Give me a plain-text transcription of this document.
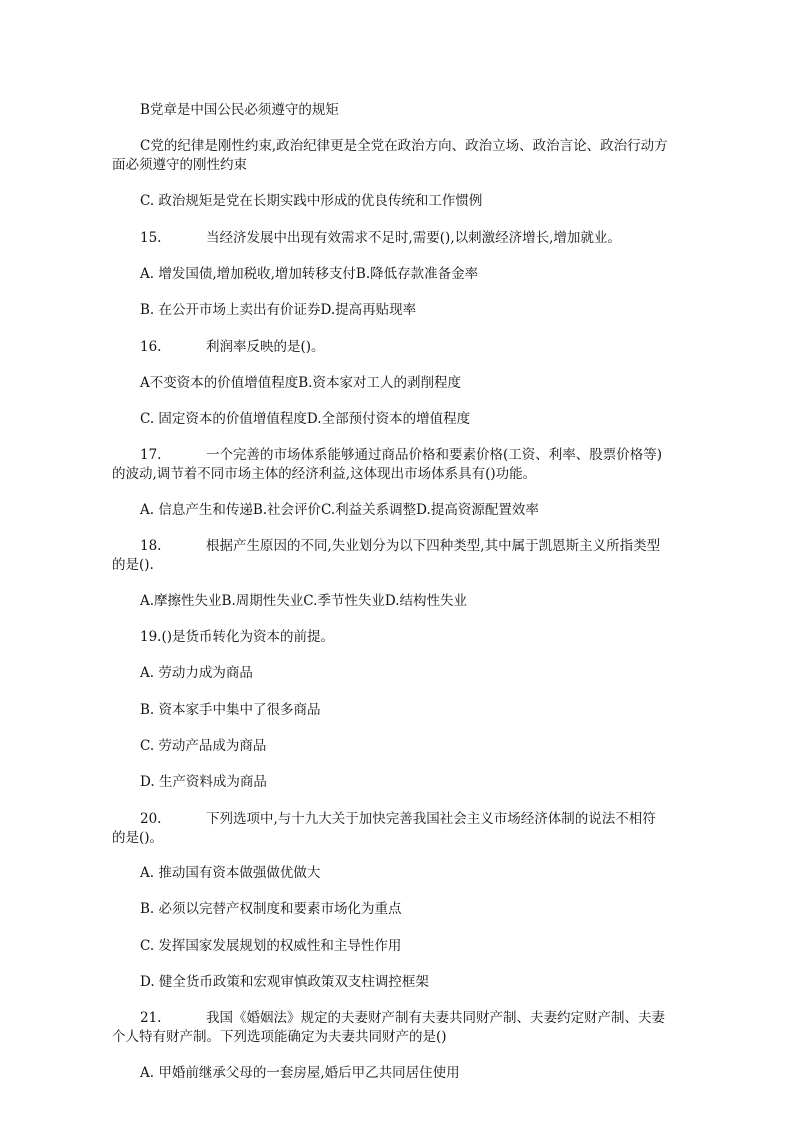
B党章是中国公民必须遵守的规矩
C党的纪律是刚性约束,政治纪律更是全党在政治方向、政治立场、政治言论、政治行动方
面必须遵守的刚性约束
C. 政治规矩是党在长期实践中形成的优良传统和工作惯例
15.	当经济发展中出现有效需求不足时,需要(),以刺激经济增长,增加就业。
A. 增发国债,增加税收,增加转移支付B.降低存款准备金率
B. 在公开市场上卖出有价证券D.提高再贴现率
16.	利润率反映的是()。
A不变资本的价值增值程度B.资本家对工人的剥削程度
C. 固定资本的价值增值程度D.全部预付资本的增值程度
17.	一个完善的市场体系能够通过商品价格和要素价格(工资、利率、股票价格等)
的波动,调节着不同市场主体的经济利益,这体现出市场体系具有()功能。
A. 信息产生和传递B.社会评价C.利益关系调整D.提高资源配置效率
18.	根据产生原因的不同,失业划分为以下四种类型,其中属于凯恩斯主义所指类型
的是().
A.摩擦性失业B.周期性失业C.季节性失业D.结构性失业
19.()是货币转化为资本的前提。
A. 劳动力成为商品
B. 资本家手中集中了很多商品
C. 劳动产品成为商品
D. 生产资料成为商品
20.	下列选项中,与十九大关于加快完善我国社会主义市场经济体制的说法不相符
的是()。
A. 推动国有资本做强做优做大
B. 必须以完替产权制度和要素市场化为重点
C. 发挥国家发展规划的权威性和主导性作用
D. 健全货币政策和宏观审慎政策双支柱调控框架
21.	我国《婚姻法》规定的夫妻财产制有夫妻共同财产制、夫妻约定财产制、夫妻
个人特有财产制。下列选项能确定为夫妻共同财产的是()
A. 甲婚前继承父母的一套房屋,婚后甲乙共同居住使用
